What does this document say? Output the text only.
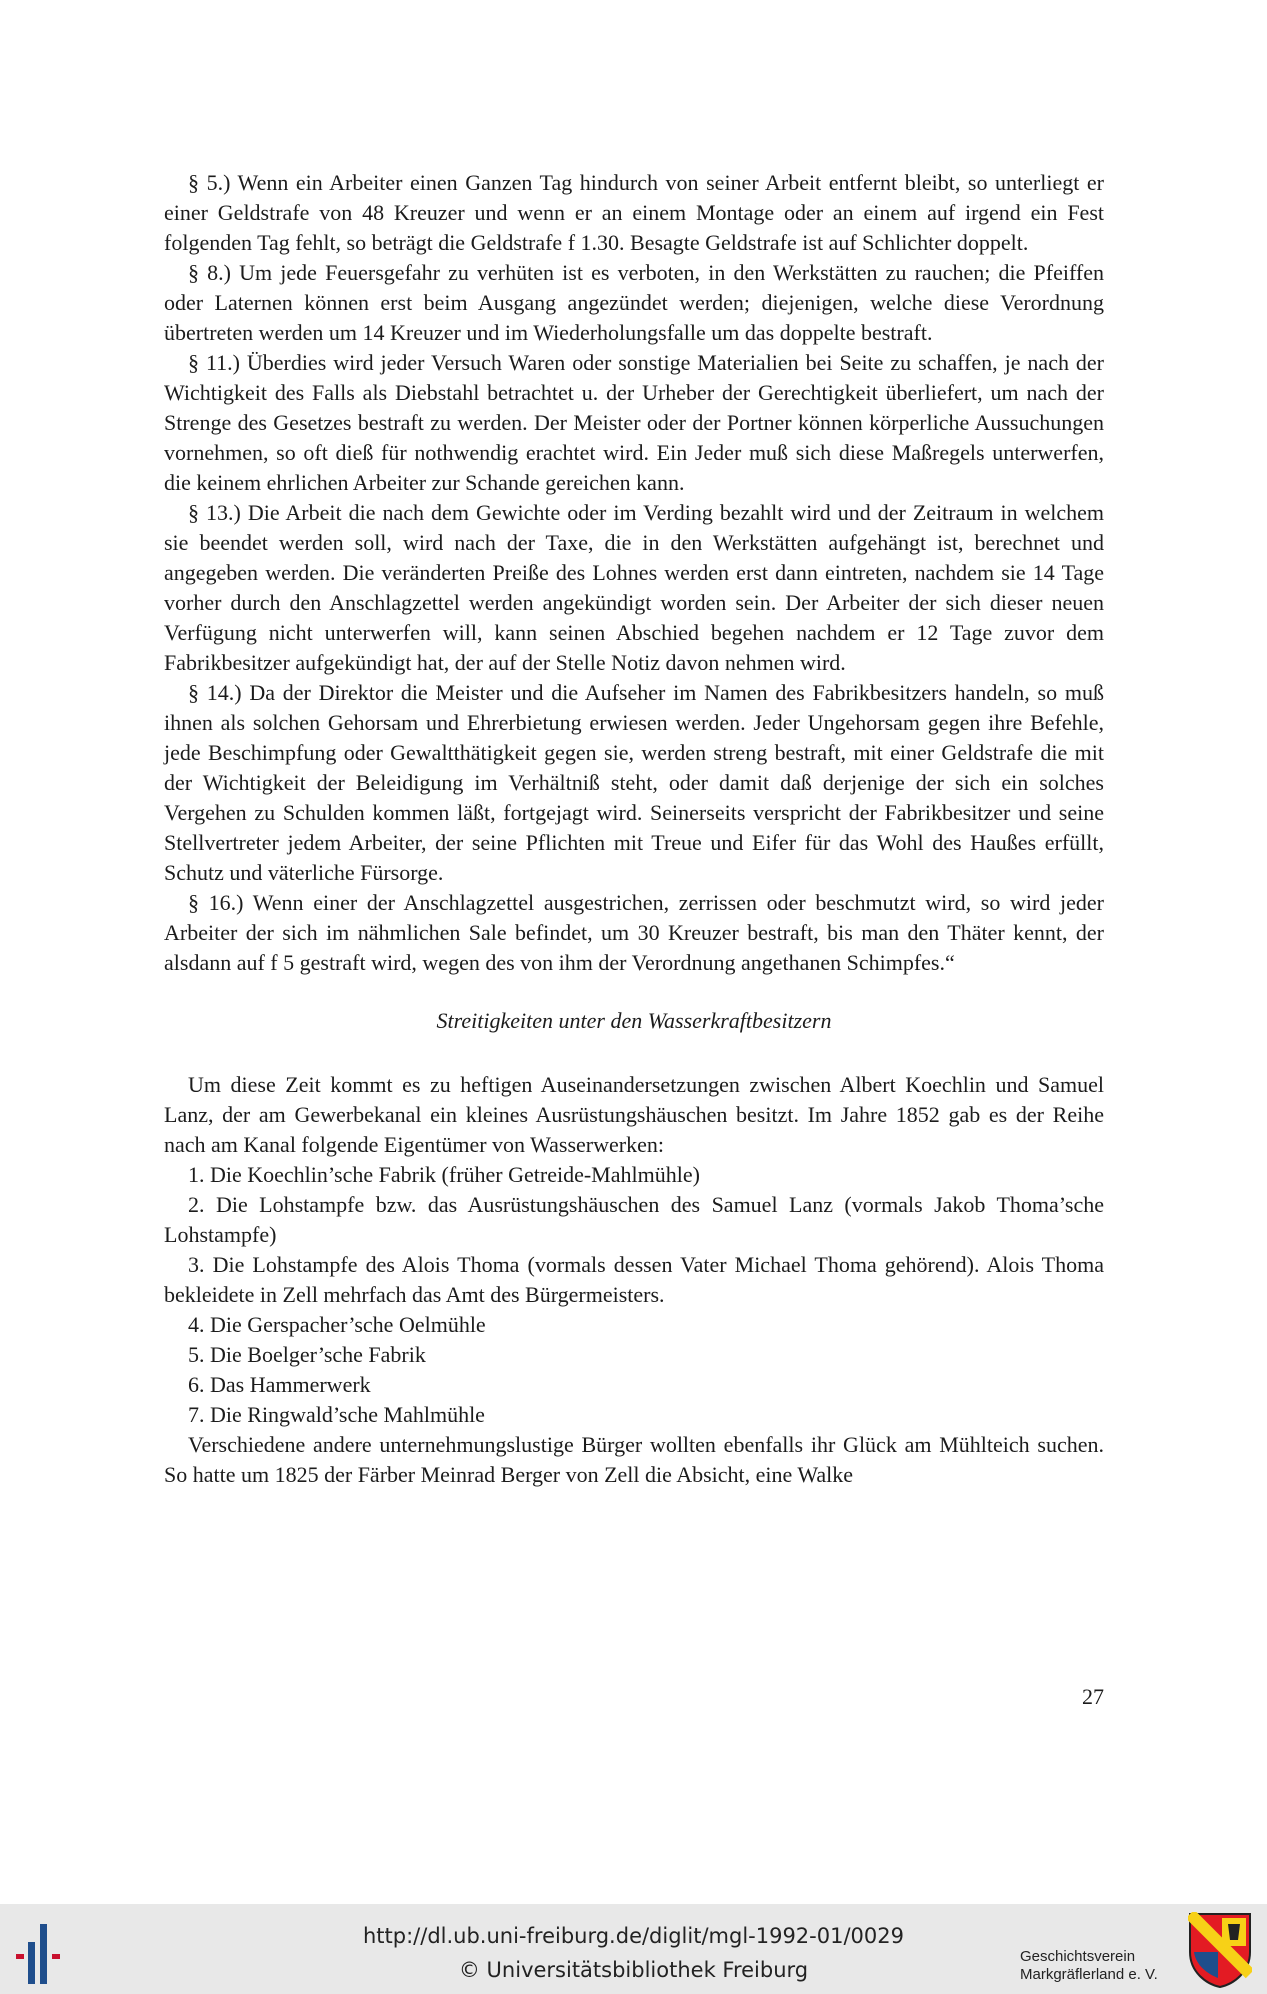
§ 5.) Wenn ein Arbeiter einen Ganzen Tag hindurch von seiner Arbeit entfernt bleibt, so unterliegt er einer Geldstrafe von 48 Kreuzer und wenn er an einem Montage oder an einem auf irgend ein Fest folgenden Tag fehlt, so beträgt die Geldstrafe f 1.30. Besagte Geldstrafe ist auf Schlichter doppelt.

§ 8.) Um jede Feuersgefahr zu verhüten ist es verboten, in den Werkstätten zu rauchen; die Pfeiffen oder Laternen können erst beim Ausgang angezündet werden; diejenigen, welche diese Verordnung übertreten werden um 14 Kreuzer und im Wiederholungsfalle um das doppelte bestraft.

§ 11.) Überdies wird jeder Versuch Waren oder sonstige Materialien bei Seite zu schaffen, je nach der Wichtigkeit des Falls als Diebstahl betrachtet u. der Urheber der Gerechtigkeit überliefert, um nach der Strenge des Gesetzes bestraft zu werden. Der Meister oder der Portner können körperliche Aussuchungen vornehmen, so oft dieß für nothwendig erachtet wird. Ein Jeder muß sich diese Maßregels unterwerfen, die keinem ehrlichen Arbeiter zur Schande gereichen kann.

§ 13.) Die Arbeit die nach dem Gewichte oder im Verding bezahlt wird und der Zeitraum in welchem sie beendet werden soll, wird nach der Taxe, die in den Werkstätten aufgehängt ist, berechnet und angegeben werden. Die veränderten Preiße des Lohnes werden erst dann eintreten, nachdem sie 14 Tage vorher durch den Anschlagzettel werden angekündigt worden sein. Der Arbeiter der sich dieser neuen Verfügung nicht unterwerfen will, kann seinen Abschied begehen nachdem er 12 Tage zuvor dem Fabrikbesitzer aufgekündigt hat, der auf der Stelle Notiz davon nehmen wird.

§ 14.) Da der Direktor die Meister und die Aufseher im Namen des Fabrikbesitzers handeln, so muß ihnen als solchen Gehorsam und Ehrerbietung erwiesen werden. Jeder Ungehorsam gegen ihre Befehle, jede Beschimpfung oder Gewaltthätigkeit gegen sie, werden streng bestraft, mit einer Geldstrafe die mit der Wichtigkeit der Beleidigung im Verhältniß steht, oder damit daß derjenige der sich ein solches Vergehen zu Schulden kommen läßt, fortgejagt wird. Seinerseits verspricht der Fabrikbesitzer und seine Stellvertreter jedem Arbeiter, der seine Pflichten mit Treue und Eifer für das Wohl des Haußes erfüllt, Schutz und väterliche Fürsorge.

§ 16.) Wenn einer der Anschlagzettel ausgestrichen, zerrissen oder beschmutzt wird, so wird jeder Arbeiter der sich im nähmlichen Sale befindet, um 30 Kreuzer bestraft, bis man den Thäter kennt, der alsdann auf f 5 gestraft wird, wegen des von ihm der Verordnung angethanen Schimpfes.“

Streitigkeiten unter den Wasserkraftbesitzern

Um diese Zeit kommt es zu heftigen Auseinandersetzungen zwischen Albert Koechlin und Samuel Lanz, der am Gewerbekanal ein kleines Ausrüstungshäuschen besitzt. Im Jahre 1852 gab es der Reihe nach am Kanal folgende Eigentümer von Wasserwerken:

1. Die Koechlin’sche Fabrik (früher Getreide-Mahlmühle)

2. Die Lohstampfe bzw. das Ausrüstungshäuschen des Samuel Lanz (vormals Jakob Thoma’sche Lohstampfe)

3. Die Lohstampfe des Alois Thoma (vormals dessen Vater Michael Thoma gehörend). Alois Thoma bekleidete in Zell mehrfach das Amt des Bürgermeisters.

4. Die Gerspacher’sche Oelmühle

5. Die Boelger’sche Fabrik

6. Das Hammerwerk

7. Die Ringwald’sche Mahlmühle

Verschiedene andere unternehmungslustige Bürger wollten ebenfalls ihr Glück am Mühlteich suchen. So hatte um 1825 der Färber Meinrad Berger von Zell die Absicht, eine Walke

27
http://dl.ub.uni-freiburg.de/diglit/mgl-1992-01/0029
© Universitätsbibliothek Freiburg
Geschichtsverein
Markgräflerland e. V.
